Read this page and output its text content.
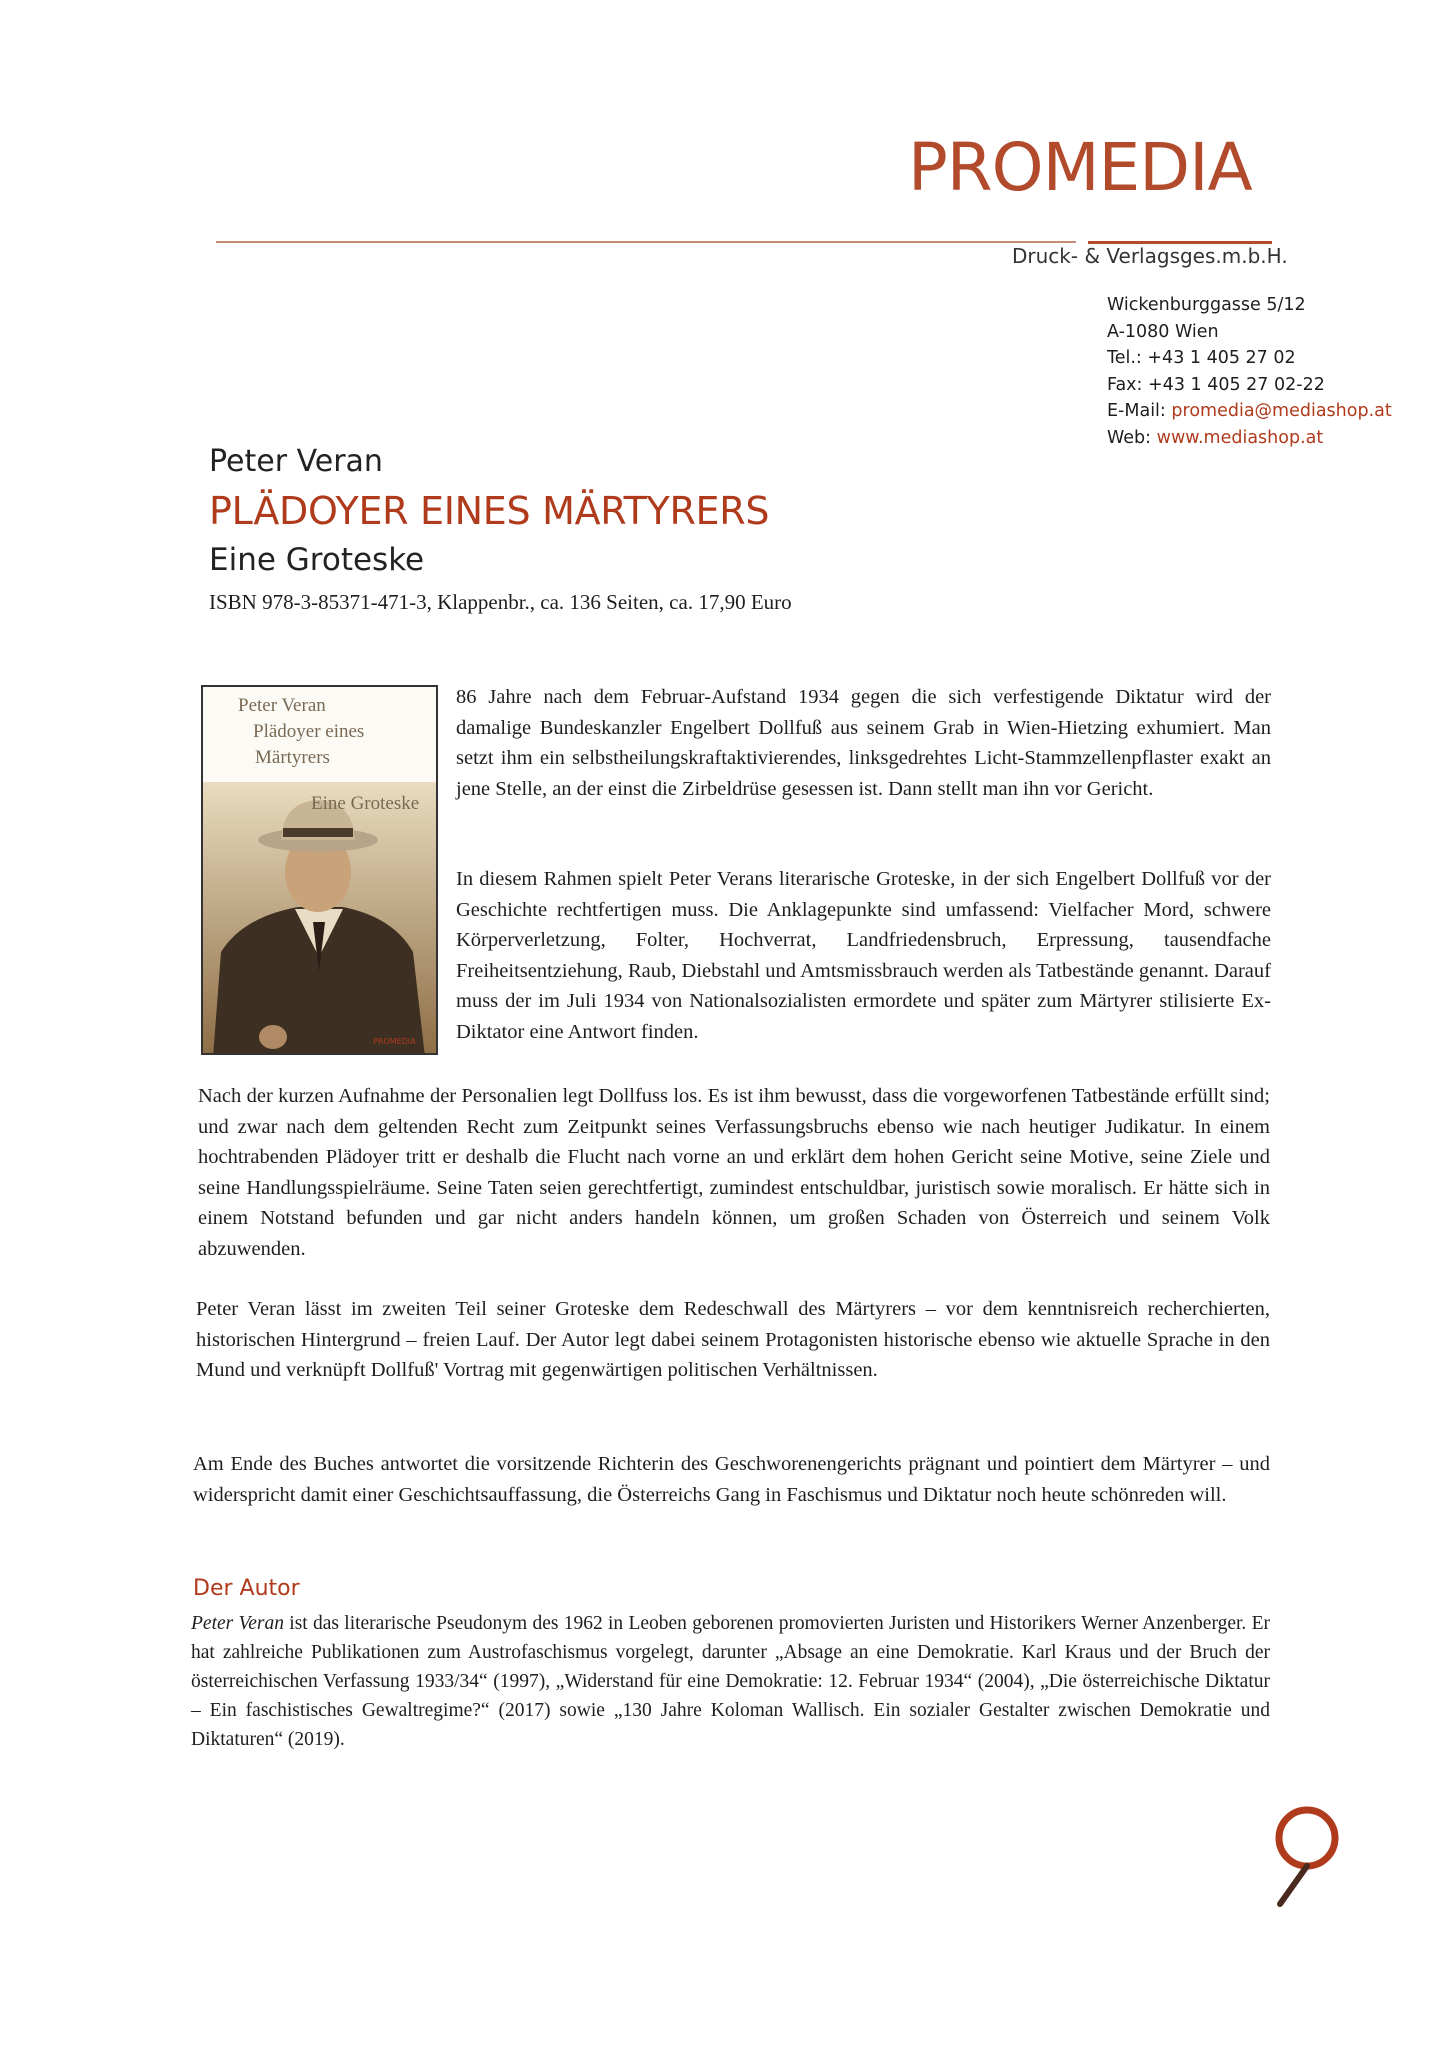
PROMEDIA
Druck- & Verlagsges.m.b.H.
Wickenburggasse 5/12
A-1080 Wien
Tel.: +43 1 405 27 02
Fax: +43 1 405 27 02-22
E-Mail: promedia@mediashop.at
Web: www.mediashop.at
Peter Veran
PLÄDOYER EINES MÄRTYRERS
Eine Groteske
ISBN 978-3-85371-471-3, Klappenbr., ca. 136 Seiten, ca. 17,90 Euro
PROMEDIA
Peter Veran
Plädoyer eines
Märtyrers
Eine Groteske
86 Jahre nach dem Februar-Aufstand 1934 gegen die sich verfestigende Diktatur wird der damalige Bundeskanzler Engelbert Dollfuß aus seinem Grab in Wien-Hietzing exhumiert. Man setzt ihm ein selbstheilungskraftaktivierendes, linksgedrehtes Licht-Stammzellenpflaster exakt an jene Stelle, an der einst die Zirbeldrüse gesessen ist. Dann stellt man ihn vor Gericht.
In diesem Rahmen spielt Peter Verans literarische Groteske, in der sich Engelbert Dollfuß vor der Geschichte rechtfertigen muss. Die Anklagepunkte sind umfassend: Vielfacher Mord, schwere Körperverletzung, Folter, Hochverrat, Landfriedensbruch, Erpressung, tausendfache Freiheitsentziehung, Raub, Diebstahl und Amtsmissbrauch werden als Tatbestände genannt. Darauf muss der im Juli 1934 von Nationalsozialisten ermordete und später zum Märtyrer stilisierte Ex-Diktator eine Antwort finden.
Nach der kurzen Aufnahme der Personalien legt Dollfuss los. Es ist ihm bewusst, dass die vorgeworfenen Tatbestände erfüllt sind; und zwar nach dem geltenden Recht zum Zeitpunkt seines Verfassungsbruchs ebenso wie nach heutiger Judikatur. In einem hochtrabenden Plädoyer tritt er deshalb die Flucht nach vorne an und erklärt dem hohen Gericht seine Motive, seine Ziele und seine Handlungsspielräume. Seine Taten seien gerechtfertigt, zumindest entschuldbar, juristisch sowie moralisch. Er hätte sich in einem Notstand befunden und gar nicht anders handeln können, um großen Schaden von Österreich und seinem Volk abzuwenden.
Peter Veran lässt im zweiten Teil seiner Groteske dem Redeschwall des Märtyrers – vor dem kenntnisreich recherchierten, historischen Hintergrund – freien Lauf. Der Autor legt dabei seinem Protagonisten historische ebenso wie aktuelle Sprache in den Mund und verknüpft Dollfuß' Vortrag mit gegenwärtigen politischen Verhältnissen.
Am Ende des Buches antwortet die vorsitzende Richterin des Geschworenengerichts prägnant und pointiert dem Märtyrer – und widerspricht damit einer Geschichtsauffassung, die Österreichs Gang in Faschismus und Diktatur noch heute schönreden will.
Der Autor
Peter Veran ist das literarische Pseudonym des 1962 in Leoben geborenen promovierten Juristen und Historikers Werner Anzenberger. Er hat zahlreiche Publikationen zum Austrofaschismus vorgelegt, darunter „Absage an eine Demokratie. Karl Kraus und der Bruch der österreichischen Verfassung 1933/34“ (1997), „Widerstand für eine Demokratie: 12. Februar 1934“ (2004), „Die österreichische Diktatur – Ein faschistisches Gewaltregime?“ (2017) sowie „130 Jahre Koloman Wallisch. Ein sozialer Gestalter zwischen Demokratie und Diktaturen“ (2019).
